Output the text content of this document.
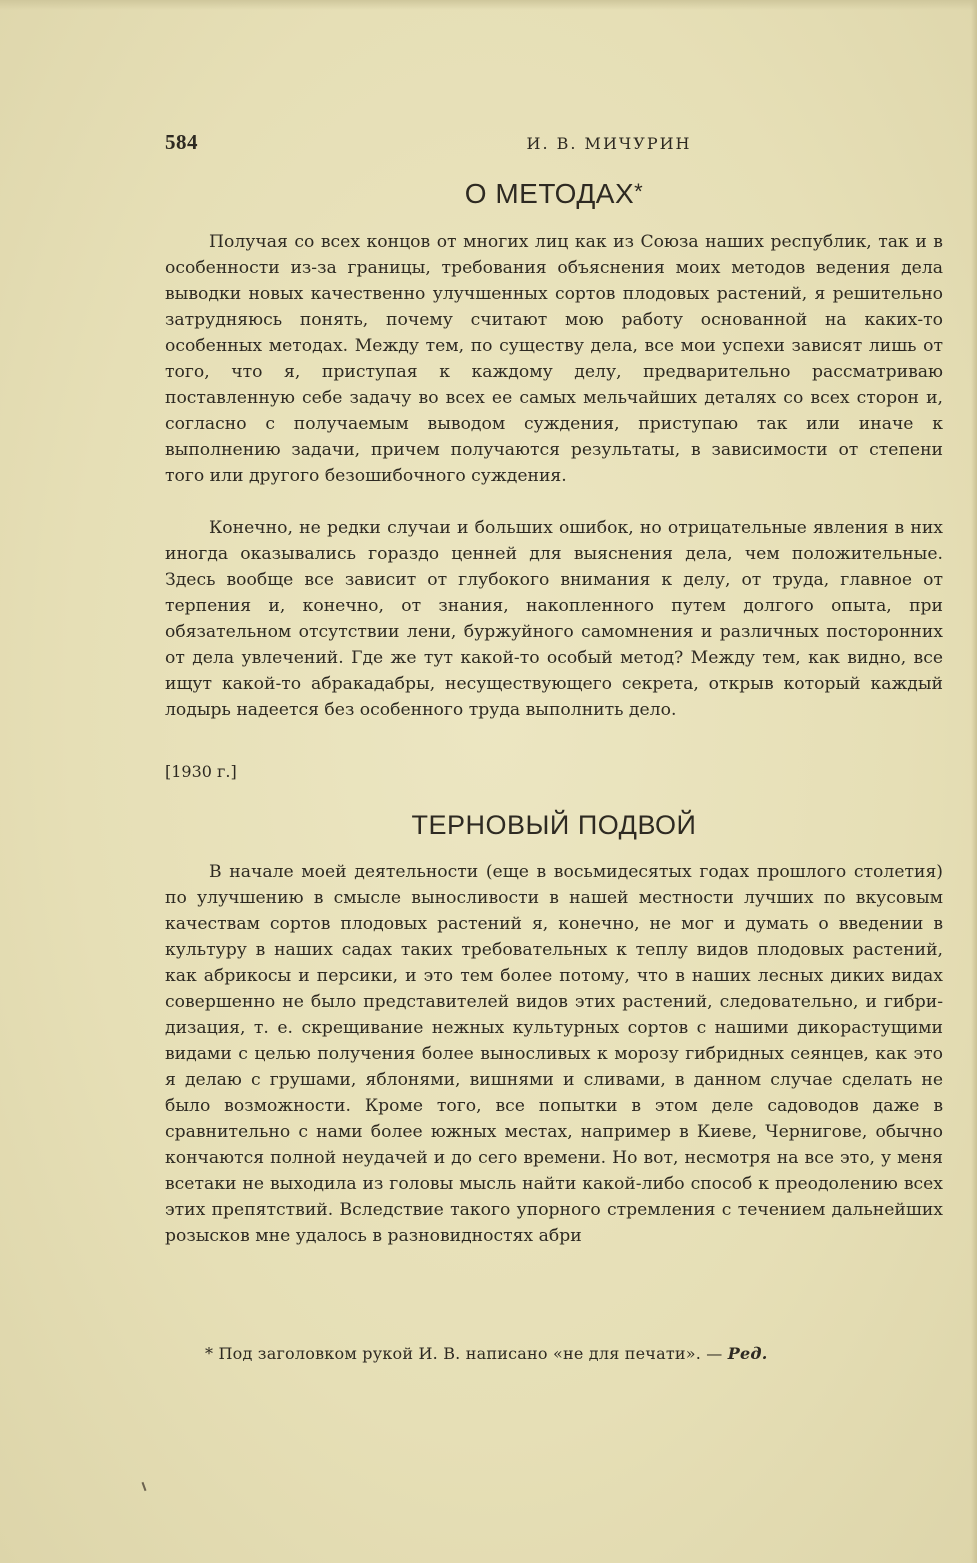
584	И. В. МИЧУРИН
О МЕТОДАХ*

Получая со всех концов от многих лиц как из Союза наших республик, так и в особенности из-за границы, требования объяснения моих методов ведения дела выводки новых качественно улучшенных сортов плодовых растений, я решительно затрудняюсь понять, почему считают мою работу основанной на каких-то особенных методах. Между тем, по существу дела, все мои успехи зависят лишь от того, что я, приступая к каждому делу, предварительно рассматриваю поставленную себе задачу во всех ее самых мельчайших деталях со всех сторон и, согласно с получаемым выводом суждения, приступаю так или иначе к выполнению задачи, причем получаются результаты, в зависимости от степени того или другого безошибочного суждения.

Конечно, не редки случаи и больших ошибок, но отрицательные явления в них иногда оказывались гораздо ценней для выяснения дела, чем положительные. Здесь вообще все зависит от глубокого внимания к делу, от труда, главное от терпения и, конечно, от знания, накопленного путем долгого опыта, при обязательном отсутствии лени, буржуйного самомнения и различных посторонних от дела увлечений. Где же тут какой-то особый метод? Между тем, как видно, все ищут какой-то абракадабры, несуществующего секрета, открыв который каждый лодырь надеется без особенного труда выполнить дело.

[1930 г.]
ТЕРНОВЫЙ ПОДВОЙ

В начале моей деятельности (еще в восьмидесятых годах прошлого столетия) по улучшению в смысле выносливости в нашей местности лучших по вкусовым качествам сортов плодовых растений я, конечно, не мог и думать о введении в культуру в наших садах таких требовательных к теплу видов плодовых растений, как абрикосы и персики, и это тем более потому, что в наших лесных диких видах совершенно не было представителей видов этих растений, следовательно, и гибридизация, т. е. скрещивание нежных культурных сортов с нашими дикорастущими видами с целью получения более выносливых к морозу гибридных сеянцев, как это я делаю с грушами, яблонями, вишнями и сливами, в данном случае сделать не было возможности. Кроме того, все попытки в этом деле садоводов даже в сравнительно с нами более южных местах, например в Киеве, Чернигове, обычно кончаются полной неудачей и до сего времени. Но вот, несмотря на все это, у меня всетаки не выходила из головы мысль найти какой-либо способ к преодолению всех этих препятствий. Вследствие такого упорного стремления с течением дальнейших розысков мне удалось в разновидностях абри

* Под заголовком рукой И. В. написано «не для печати». — Ред.
